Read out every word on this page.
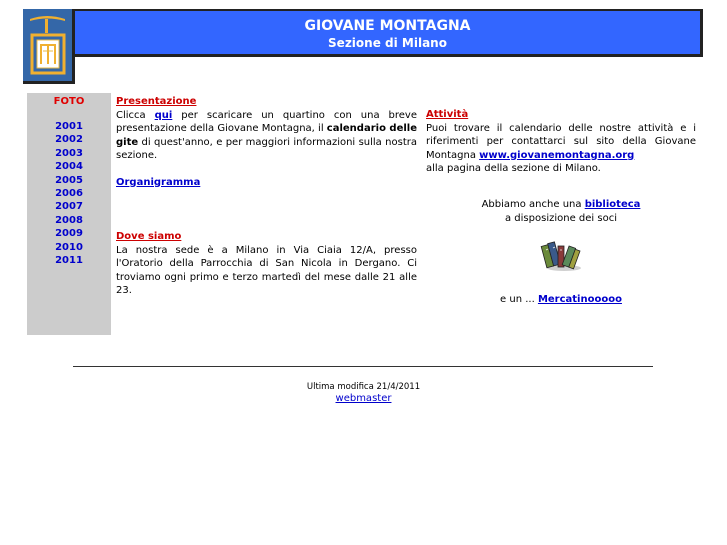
GIOVANE MONTAGNA
Sezione di Milano
FOTO
2001
2002
2003
2004
2005
2006
2007
2008
2009
2010
2011
Presentazione

Clicca qui per scaricare un quartino con una breve presentazione della Giovane Montagna, il calendario delle gite di quest'anno, e per maggiori informazioni sulla nostra sezione.

Organigramma
Dove siamo

La nostra sede è a Milano in Via Ciaia 12/A, presso l'Oratorio della Parrocchia di San Nicola in Dergano. Ci troviamo ogni primo e terzo martedì del mese dalle 21 alle 23.

Attività

Puoi trovare il calendario delle nostre attività e i riferimenti per contattarci sul sito della Giovane Montagna www.giovanemontagna.org
alla pagina della sezione di Milano.

Abbiamo anche una biblioteca
a disposizione dei soci
e un ... Mercatinooooo
Ultima modifica 21/4/2011
webmaster
